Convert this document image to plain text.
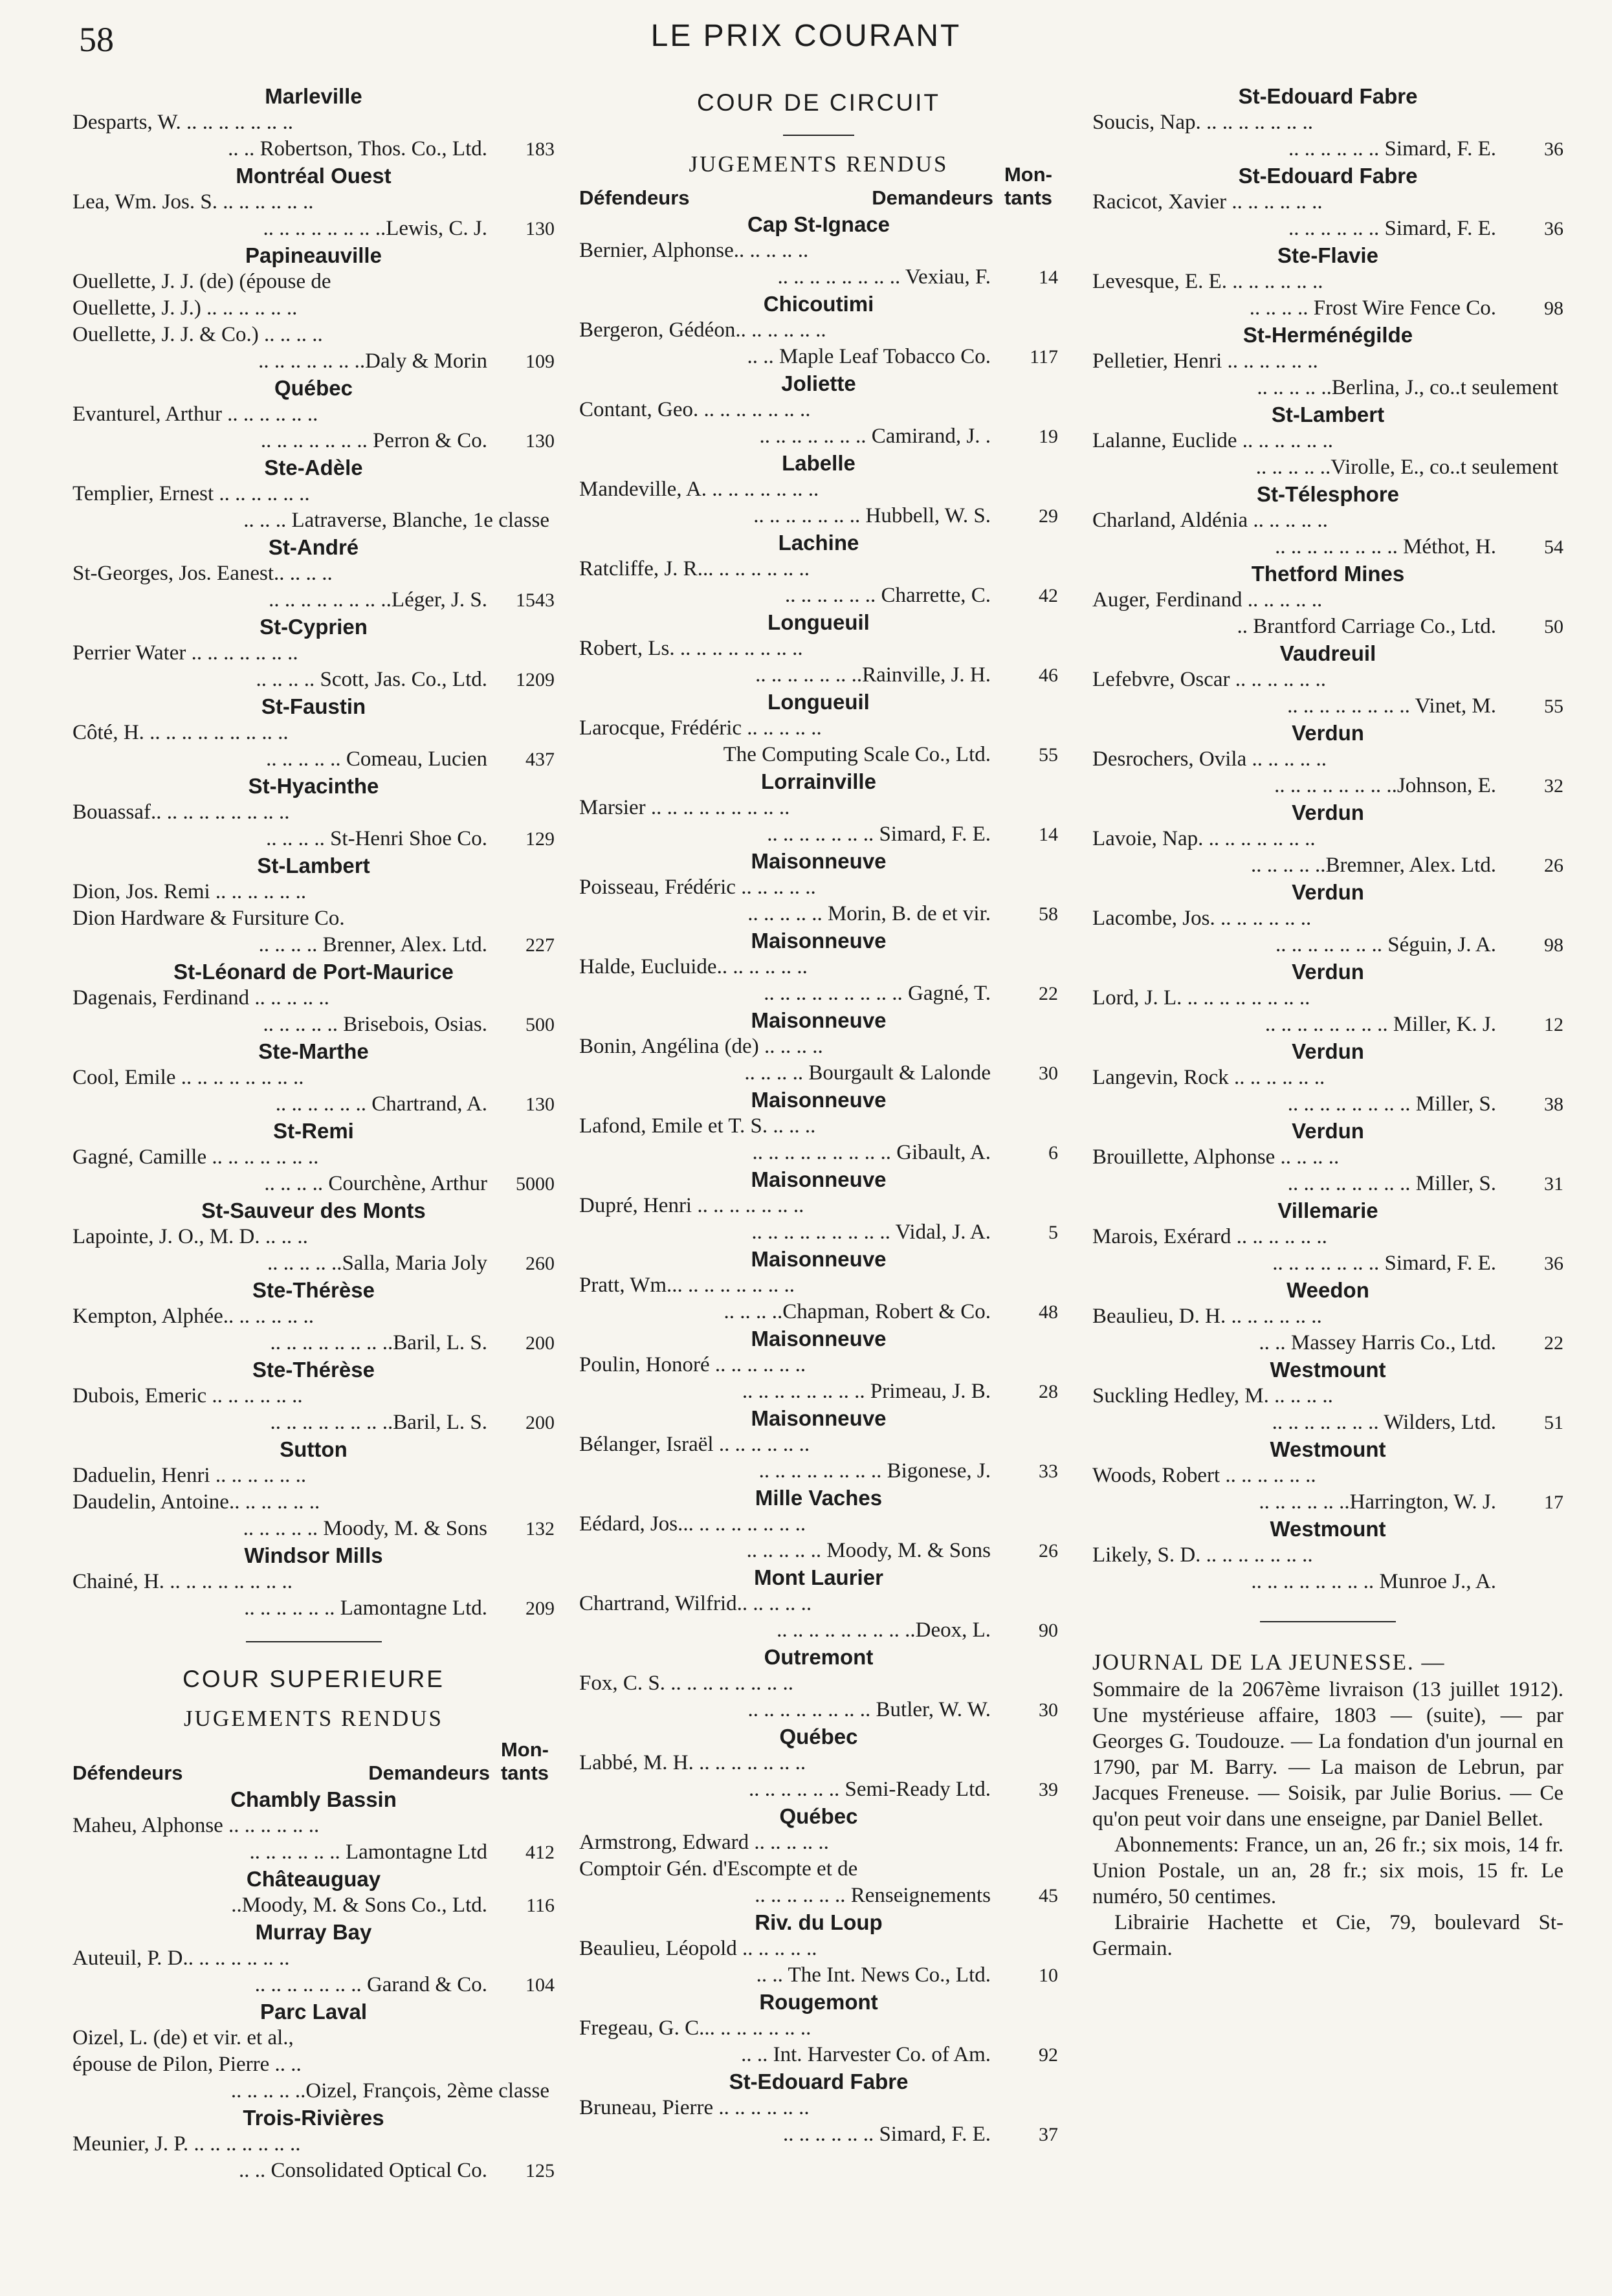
58	LE PRIX COURANT
Marleville
Desparts, W. .. .. .. .. .. .. ..
.. .. Robertson, Thos. Co., Ltd.	183
Montréal Ouest
Lea, Wm. Jos. S. .. .. .. .. .. ..
.. .. .. .. .. .. .. ..Lewis, C. J.	130
Papineauville
Ouellette, J. J. (de) (épouse de
Ouellette, J. J.) .. .. .. .. .. ..
Ouellette, J. J. & Co.) .. .. .. ..
.. .. .. .. .. .. ..Daly & Morin	109
Québec
Evanturel, Arthur .. .. .. .. .. ..
.. .. .. .. .. .. .. Perron & Co.	130
Ste-Adèle
Templier, Ernest .. .. .. .. .. ..
.. .. .. Latraverse, Blanche, 1e classe
St-André
St-Georges, Jos. Eanest.. .. .. ..
.. .. .. .. .. .. .. ..Léger, J. S.	1543
St-Cyprien
Perrier Water .. .. .. .. .. .. ..
.. .. .. .. Scott, Jas. Co., Ltd.	1209
St-Faustin
Côté, H. .. .. .. .. .. .. .. .. ..
.. .. .. .. .. Comeau, Lucien	437
St-Hyacinthe
Bouassaf.. .. .. .. .. .. .. .. ..
.. .. .. .. St-Henri Shoe Co.	129
St-Lambert
Dion, Jos. Remi .. .. .. .. .. ..
Dion Hardware & Fursiture Co.
.. .. .. .. Brenner, Alex. Ltd.	227
St-Léonard de Port-Maurice
Dagenais, Ferdinand .. .. .. .. ..
.. .. .. .. .. Brisebois, Osias.	500
Ste-Marthe
Cool, Emile .. .. .. .. .. .. .. ..
.. .. .. .. .. .. Chartrand, A.	130
St-Remi
Gagné, Camille .. .. .. .. .. .. ..
.. .. .. .. Courchène, Arthur	5000
St-Sauveur des Monts
Lapointe, J. O., M. D. .. .. ..
.. .. .. .. ..Salla, Maria Joly	260
Ste-Thérèse
Kempton, Alphée.. .. .. .. .. ..
.. .. .. .. .. .. .. ..Baril, L. S.	200
Ste-Thérèse
Dubois, Emeric .. .. .. .. .. ..
.. .. .. .. .. .. .. ..Baril, L. S.	200
Sutton
Daduelin, Henri .. .. .. .. .. ..
Daudelin, Antoine.. .. .. .. .. ..
.. .. .. .. .. Moody, M. & Sons	132
Windsor Mills
Chainé, H. .. .. .. .. .. .. .. ..
.. .. .. .. .. .. Lamontagne Ltd.	209
COUR SUPERIEURE
JUGEMENTS RENDUS
Défendeurs	Demandeurs
Mon-
tants
Chambly Bassin
Maheu, Alphonse .. .. .. .. .. ..
.. .. .. .. .. .. Lamontagne Ltd	412
Châteauguay
..Moody, M. & Sons Co., Ltd.	116
Murray Bay
Auteuil, P. D.. .. .. .. .. .. ..
.. .. .. .. .. .. .. Garand & Co.	104
Parc Laval
Oizel, L. (de) et vir. et al.,
épouse de Pilon, Pierre .. ..
.. .. .. .. ..Oizel, François, 2ème classe
Trois-Rivières
Meunier, J. P. .. .. .. .. .. .. ..
.. .. Consolidated Optical Co.	125
COUR DE CIRCUIT
JUGEMENTS RENDUS
Défendeurs	Demandeurs
Mon-
tants
Cap St-Ignace
Bernier, Alphonse.. .. .. .. ..
.. .. .. .. .. .. .. .. Vexiau, F.	14
Chicoutimi
Bergeron, Gédéon.. .. .. .. .. ..
.. .. Maple Leaf Tobacco Co.	117
Joliette
Contant, Geo. .. .. .. .. .. .. ..
.. .. .. .. .. .. .. Camirand, J. .	19
Labelle
Mandeville, A. .. .. .. .. .. .. ..
.. .. .. .. .. .. .. Hubbell, W. S.	29
Lachine
Ratcliffe, J. R... .. .. .. .. .. ..
.. .. .. .. .. .. Charrette, C.	42
Longueuil
Robert, Ls. .. .. .. .. .. .. .. ..
.. .. .. .. .. .. ..Rainville, J. H.	46
Longueuil
Larocque, Frédéric .. .. .. .. ..
The Computing Scale Co., Ltd.	55
Lorrainville
Marsier .. .. .. .. .. .. .. .. ..
.. .. .. .. .. .. .. Simard, F. E.	14
Maisonneuve
Poisseau, Frédéric .. .. .. .. ..
.. .. .. .. .. Morin, B. de et vir.	58
Maisonneuve
Halde, Eucluide.. .. .. .. .. ..
.. .. .. .. .. .. .. .. .. Gagné, T.	22
Maisonneuve
Bonin, Angélina (de) .. .. .. ..
.. .. .. .. Bourgault & Lalonde	30
Maisonneuve
Lafond, Emile et T. S. .. .. ..
.. .. .. .. .. .. .. .. .. Gibault, A.	6
Maisonneuve
Dupré, Henri .. .. .. .. .. .. ..
.. .. .. .. .. .. .. .. .. Vidal, J. A.	5
Maisonneuve
Pratt, Wm... .. .. .. .. .. .. ..
.. .. .. ..Chapman, Robert & Co.	48
Maisonneuve
Poulin, Honoré .. .. .. .. .. ..
.. .. .. .. .. .. .. .. Primeau, J. B.	28
Maisonneuve
Bélanger, Israël .. .. .. .. .. ..
.. .. .. .. .. .. .. .. Bigonese, J.	33
Mille Vaches
Eédard, Jos... .. .. .. .. .. .. ..
.. .. .. .. .. Moody, M. & Sons	26
Mont Laurier
Chartrand, Wilfrid.. .. .. .. ..
.. .. .. .. .. .. .. .. ..Deox, L.	90
Outremont
Fox, C. S. .. .. .. .. .. .. .. ..
.. .. .. .. .. .. .. .. Butler, W. W.	30
Québec
Labbé, M. H. .. .. .. .. .. .. ..
.. .. .. .. .. .. Semi-Ready Ltd.	39
Québec
Armstrong, Edward .. .. .. .. ..
Comptoir Gén. d'Escompte et de
.. .. .. .. .. .. Renseignements	45
Riv. du Loup
Beaulieu, Léopold .. .. .. .. ..
.. .. The Int. News Co., Ltd.	10
Rougemont
Fregeau, G. C... .. .. .. .. .. ..
.. .. Int. Harvester Co. of Am.	92
St-Edouard Fabre
Bruneau, Pierre .. .. .. .. .. ..
.. .. .. .. .. .. Simard, F. E.	37
St-Edouard Fabre
Soucis, Nap. .. .. .. .. .. .. ..
.. .. .. .. .. .. Simard, F. E.	36
St-Edouard Fabre
Racicot, Xavier .. .. .. .. .. ..
.. .. .. .. .. .. Simard, F. E.	36
Ste-Flavie
Levesque, E. E. .. .. .. .. .. ..
.. .. .. .. Frost Wire Fence Co.	98
St-Herménégilde
Pelletier, Henri .. .. .. .. .. ..
.. .. .. .. ..Berlina, J., co..t seulement
St-Lambert
Lalanne, Euclide .. .. .. .. .. ..
.. .. .. .. ..Virolle, E., co..t seulement
St-Télesphore
Charland, Aldénia .. .. .. .. ..
.. .. .. .. .. .. .. .. Méthot, H.	54
Thetford Mines
Auger, Ferdinand .. .. .. .. ..
.. Brantford Carriage Co., Ltd.	50
Vaudreuil
Lefebvre, Oscar .. .. .. .. .. ..
.. .. .. .. .. .. .. .. Vinet, M.	55
Verdun
Desrochers, Ovila .. .. .. .. ..
.. .. .. .. .. .. .. ..Johnson, E.	32
Verdun
Lavoie, Nap. .. .. .. .. .. .. ..
.. .. .. .. ..Bremner, Alex. Ltd.	26
Verdun
Lacombe, Jos. .. .. .. .. .. ..
.. .. .. .. .. .. .. Séguin, J. A.	98
Verdun
Lord, J. L. .. .. .. .. .. .. .. ..
.. .. .. .. .. .. .. .. Miller, K. J.	12
Verdun
Langevin, Rock .. .. .. .. .. ..
.. .. .. .. .. .. .. .. Miller, S.	38
Verdun
Brouillette, Alphonse .. .. .. ..
.. .. .. .. .. .. .. .. Miller, S.	31
Villemarie
Marois, Exérard .. .. .. .. .. ..
.. .. .. .. .. .. .. Simard, F. E.	36
Weedon
Beaulieu, D. H. .. .. .. .. .. ..
.. .. Massey Harris Co., Ltd.	22
Westmount
Suckling Hedley, M. .. .. .. ..
.. .. .. .. .. .. .. Wilders, Ltd.	51
Westmount
Woods, Robert .. .. .. .. .. ..
.. .. .. .. .. ..Harrington, W. J.	17
Westmount
Likely, S. D. .. .. .. .. .. .. ..
.. .. .. .. .. .. .. .. Munroe J., A.
JOURNAL DE LA JEUNESSE. —
Sommaire de la 2067ème livraison (13 juillet 1912). Une mystérieuse affaire, 1803 — (suite), — par Georges G. Toudouze. — La fondation d'un journal en 1790, par M. Barry. — La maison de Lebrun, par Jacques Freneuse. — Soisik, par Julie Borius. — Ce qu'on peut voir dans une enseigne, par Daniel Bellet.
Abonnements: France, un an, 26 fr.; six mois, 14 fr. Union Postale, un an, 28 fr.; six mois, 15 fr. Le numéro, 50 centimes.
Librairie Hachette et Cie, 79, boulevard St-Germain.
